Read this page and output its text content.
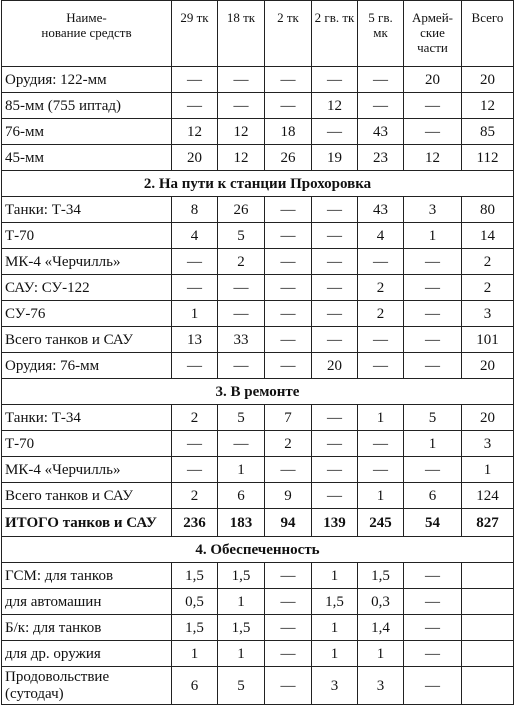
Наиме-
нование средств	29 тк	18 тк	2 тк	2 гв. тк	5 гв. мк	Армей-ские части	Всего
Орудия: 122-мм	—	—	—	—	—	20	20
85-мм (755 иптад)	—	—	—	12	—	—	12
76-мм	12	12	18	—	43	—	85
45-мм	20	12	26	19	23	12	112
2. На пути к станции Прохоровка							
Танки: Т-34	8	26	—	—	43	3	80
Т-70	4	5	—	—	4	1	14
МК-4 «Черчилль»	—	2	—	—	—	—	2
САУ: СУ-122	—	—	—	—	2	—	2
СУ-76	1	—	—	—	2	—	3
Всего танков и САУ	13	33	—	—	—	—	101
Орудия: 76-мм	—	—	—	20	—	—	20
3. В ремонте							
Танки: Т-34	2	5	7	—	1	5	20
Т-70	—	—	2	—	—	1	3
МК-4 «Черчилль»	—	1	—	—	—	—	1
Всего танков и САУ	2	6	9	—	1	6	124
ИТОГО танков и САУ	236	183	94	139	245	54	827
4. Обеспеченность							
ГСМ: для танков	1,5	1,5	—	1	1,5	—	
для автомашин	0,5	1	—	1,5	0,3	—	
Б/к: для танков	1,5	1,5	—	1	1,4	—	
для др. оружия	1	1	—	1	1	—	
Продовольствие (сутодач)	6	5	—	3	3	—	
